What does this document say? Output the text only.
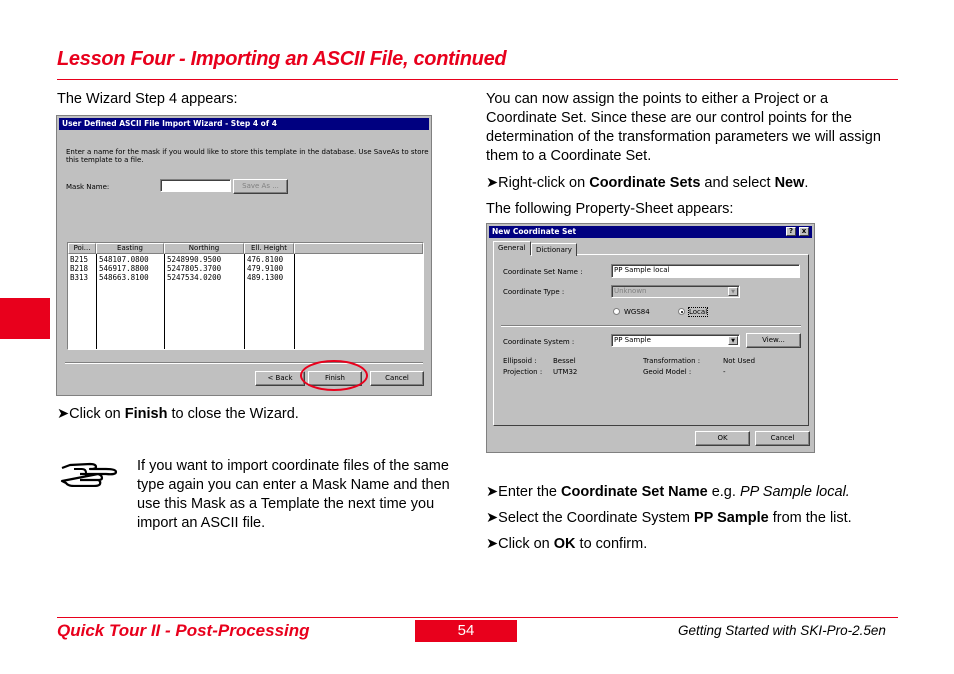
Lesson Four - Importing an ASCII File, continued
The Wizard Step 4 appears:
User Defined ASCII File Import Wizard - Step 4 of 4
Enter a name for the mask if you would like to store this template in the database. Use SaveAs to store
this template to a file.
Mask Name:	Save As ...
Poi...	Easting	Northing	Ell. Height
B215 548107.0800 5248990.9500	476.8100
B218 546917.8800 5247805.3700	479.9100
B313 548663.8100 5247534.0200	489.1300
< Back	Finish	Cancel
➤Click on Finish to close the Wizard.
If you want to import coordinate files of the same type again you can enter a Mask Name and then use this Mask as a Template the next time you import an ASCII file.
You can now assign the points to either a Project or a Coordinate Set. Since these are our control points for the determination of the transformation parameters we will assign them to a Coordinate Set.
➤Right-click on Coordinate Sets and select New.
The following Property-Sheet appears:
New Coordinate Set	?	x
General	Dictionary
Coordinate Set Name :	PP Sample local
Coordinate Type :	Unknown	▼
WGS84	Local
Coordinate System :	PP Sample	▼	View...
Ellipsoid : Bessel
Projection : UTM32
Transformation :	Not Used
Geoid Model :	-
OK	Cancel
➤Enter the Coordinate Set Name e.g. PP Sample local.
➤Select the Coordinate System PP Sample from the list.
➤Click on OK to confirm.
Quick Tour II - Post-Processing	54	Getting Started with SKI-Pro-2.5en
